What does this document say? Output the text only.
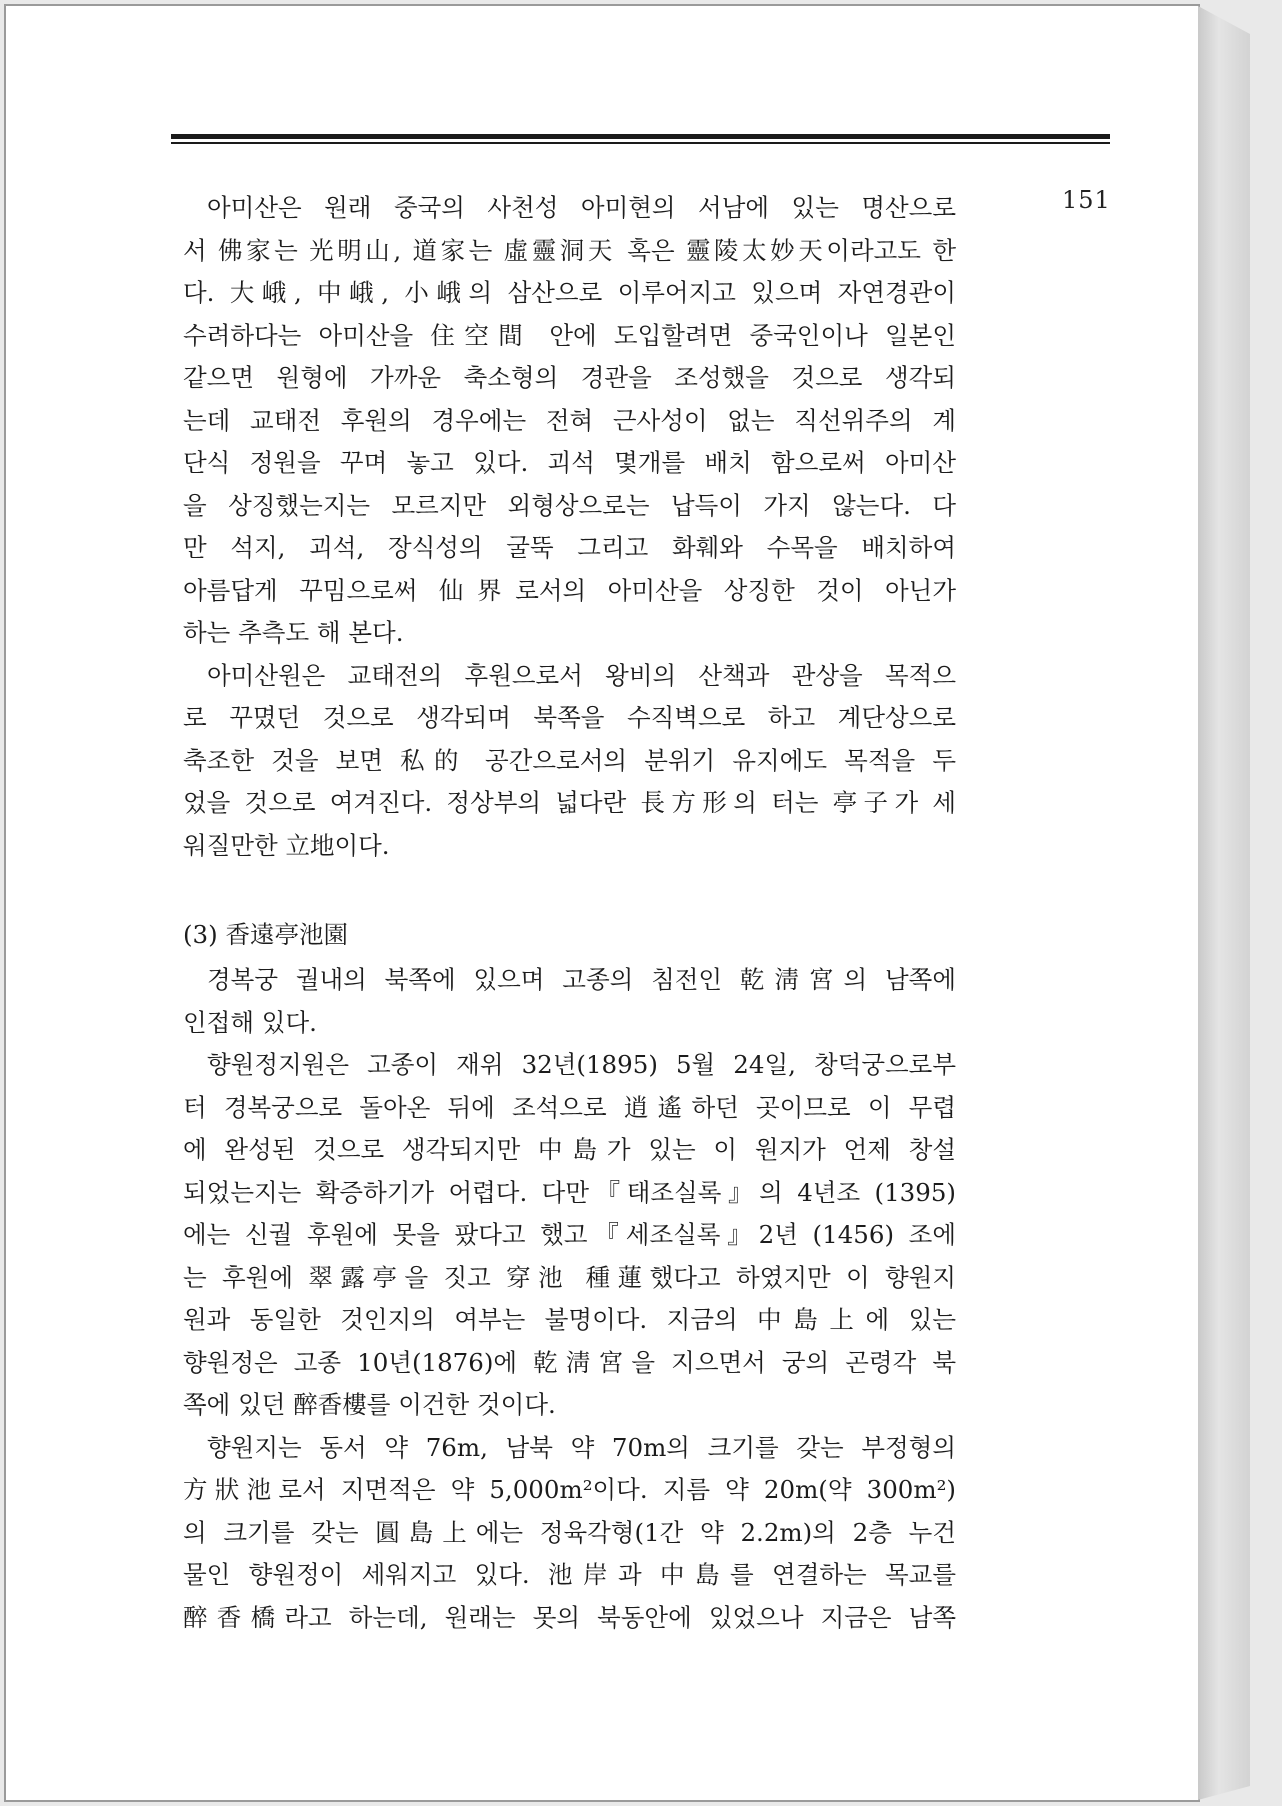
151
아미산은 원래 중국의 사천성 아미현의 서남에 있는 명산으로
서 佛家는 光明山, 道家는 虛靈洞天 혹은 靈陵太妙天이라고도 한
다. 大峨, 中峨, 小峨의 삼산으로 이루어지고 있으며 자연경관이
수려하다는 아미산을 住空間 안에 도입할려면 중국인이나 일본인
같으면 원형에 가까운 축소형의 경관을 조성했을 것으로 생각되
는데 교태전 후원의 경우에는 전혀 근사성이 없는 직선위주의 계
단식 정원을 꾸며 놓고 있다. 괴석 몇개를 배치 함으로써 아미산
을 상징했는지는 모르지만 외형상으로는 납득이 가지 않는다. 다
만 석지, 괴석, 장식성의 굴뚝 그리고 화훼와 수목을 배치하여
아름답게 꾸밈으로써 仙界로서의 아미산을 상징한 것이 아닌가
하는 추측도 해 본다.
아미산원은 교태전의 후원으로서 왕비의 산책과 관상을 목적으
로 꾸몄던 것으로 생각되며 북쪽을 수직벽으로 하고 계단상으로
축조한 것을 보면 私的 공간으로서의 분위기 유지에도 목적을 두
었을 것으로 여겨진다. 정상부의 넓다란 長方形의 터는 亭子가 세
워질만한 立地이다.
(3) 香遠亭池園
경복궁 궐내의 북쪽에 있으며 고종의 침전인 乾淸宮의 남쪽에
인접해 있다.
향원정지원은 고종이 재위 32년(1895) 5월 24일, 창덕궁으로부
터 경복궁으로 돌아온 뒤에 조석으로 逍遙하던 곳이므로 이 무렵
에 완성된 것으로 생각되지만 中島가 있는 이 원지가 언제 창설
되었는지는 확증하기가 어렵다. 다만『태조실록』의 4년조 (1395)
에는 신궐 후원에 못을 팠다고 했고『세조실록』2년 (1456) 조에
는 후원에 翠露亭을 짓고 穿池 種蓮했다고 하였지만 이 향원지
원과 동일한 것인지의 여부는 불명이다. 지금의 中島上에 있는
향원정은 고종 10년(1876)에 乾淸宮을 지으면서 궁의 곤령각 북
쪽에 있던 醉香樓를 이건한 것이다.
향원지는 동서 약 76m, 남북 약 70m의 크기를 갖는 부정형의
方狀池로서 지면적은 약 5,000m²이다. 지름 약 20m(약 300m²)
의 크기를 갖는 圓島上에는 정육각형(1간 약 2.2m)의 2층 누건
물인 향원정이 세워지고 있다. 池岸과 中島를 연결하는 목교를
醉香橋라고 하는데, 원래는 못의 북동안에 있었으나 지금은 남쪽
